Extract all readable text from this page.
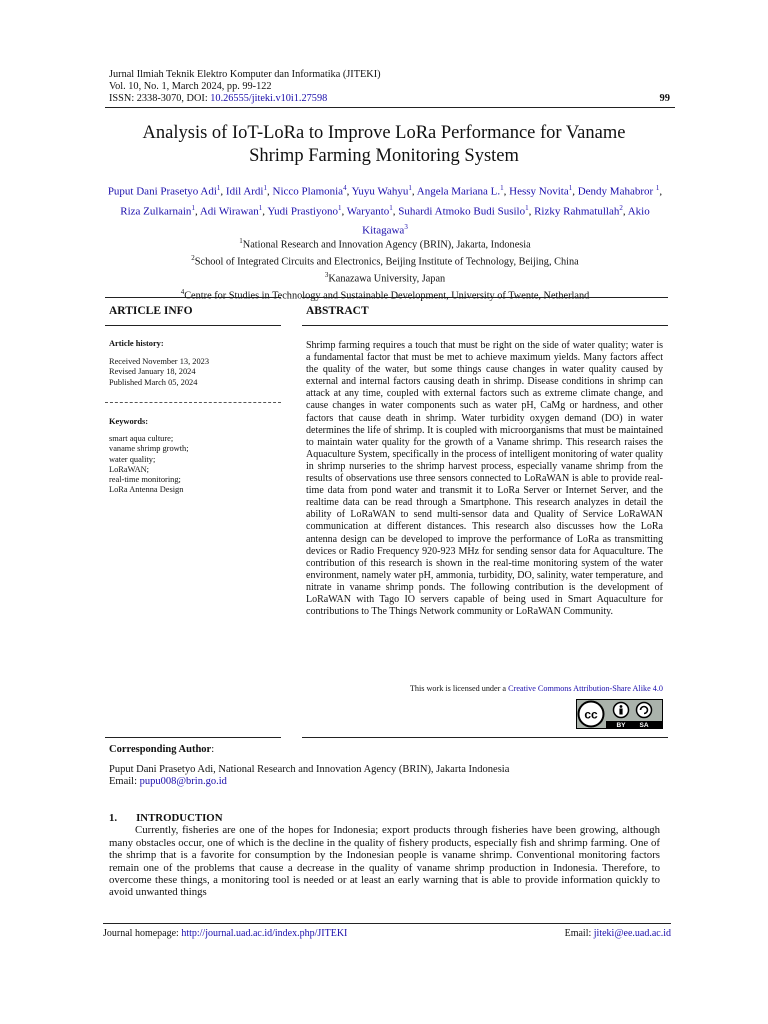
Jurnal Ilmiah Teknik Elektro Komputer dan Informatika (JITEKI)
Vol. 10, No. 1, March 2024, pp. 99-122
ISSN: 2338-3070, DOI: 10.26555/jiteki.v10i1.27598	99
Analysis of IoT-LoRa to Improve LoRa Performance for Vaname
Shrimp Farming Monitoring System
Puput Dani Prasetyo Adi$^1$, Idil Ardi$^1$, Nicco Plamonia$^4$, Yuyu Wahyu$^1$, Angela Mariana L.$^1$, Hessy Novita$^1$, Dendy Mahabror $^1$, Riza Zulkarnain$^1$, Adi Wirawan$^1$, Yudi Prastiyono$^1$, Waryanto$^1$, Suhardi Atmoko Budi Susilo$^1$, Rizky Rahmatullah$^2$, Akio Kitagawa$^3$
$^1$National Research and Innovation Agency (BRIN), Jakarta, Indonesia
$^2$School of Integrated Circuits and Electronics, Beijing Institute of Technology, Beijing, China
$^3$Kanazawa University, Japan
$^4$	Technology
ARTICLE INFO	ABSTRACT
Article history:
Received November 13, 2023
Revised January 18, 2024
Published March 05, 2024
Keywords:
smart aqua culture;
vaname shrimp growth;
water quality;
LoRaWAN;
real-time monitoring;
LoRa Antenna Design
Shrimp farming requires a touch that must be right on the side of water quality; water is a fundamental factor that must be met to achieve maximum yields. Many factors affect the quality of the water, but some things cause changes in water quality caused by external and internal factors causing death in shrimp. Disease conditions in shrimp can attack at any time, coupled with external factors such as extreme climate change, and cause changes in water components such as water pH, CaMg or hardness, and other factors that cause death in shrimp. Water turbidity oxygen demand (DO) in water determines the life of shrimp. It is coupled with microorganisms that must be maintained to maintain water quality for the growth of a Vaname shrimp. This research raises the Aquaculture System, specifically in the process of intelligent monitoring of water quality in shrimp nurseries to the shrimp harvest process, especially vaname shrimp from the results of observations use three sensors connected to LoRaWAN is able to provide real-time data from pond water and transmit it to LoRa Server or Internet Server, and the realtime data can be read through a Smartphone. This research analyzes in detail the ability of LoRaWAN to send multi-sensor data and Quality of Service LoRaWAN communication at different distances. This research also discusses how the LoRa antenna design can be developed to improve the performance of LoRa as transmitting devices or Radio Frequency 920-923 MHz for sending sensor data for Aquaculture. The contribution of this research is shown in the real-time monitoring system of the water environment, namely water pH, ammonia, turbidity, DO, salinity, water temperature, and nitrate in vaname shrimp ponds. The following contribution is the development of LoRaWAN with Tago IO servers capable of being used in Smart Aquaculture for contributions to The Things Network community or LoRaWAN Community.
This work is licensed under a Creative Commons Attribution-Share Alike 4.0
cc
BY SA
Corresponding Author:
Puput Dani Prasetyo Adi, National Research and Innovation Agency (BRIN), Jakarta Indonesia
Email: pupu008@brin.go.id
1. INTRODUCTION

Currently, fisheries are one of the hopes for Indonesia; export products through fisheries have been growing, although many obstacles occur, one of which is the decline in the quality of fishery products, especially fish and shrimp farming. One of the shrimp that is a favorite for consumption by the Indonesian people is vaname shrimp. Conventional monitoring factors remain one of the problems that cause a decrease in the quality of vaname shrimp production in Indonesia. Therefore, to overcome these things, a monitoring tool is needed or at least an early warning that is able to provide information quickly to avoid unwanted things

Journal homepage: http://journal.uad.ac.id/index.php/JITEKI	Email: jiteki@ee.uad.ac.id
